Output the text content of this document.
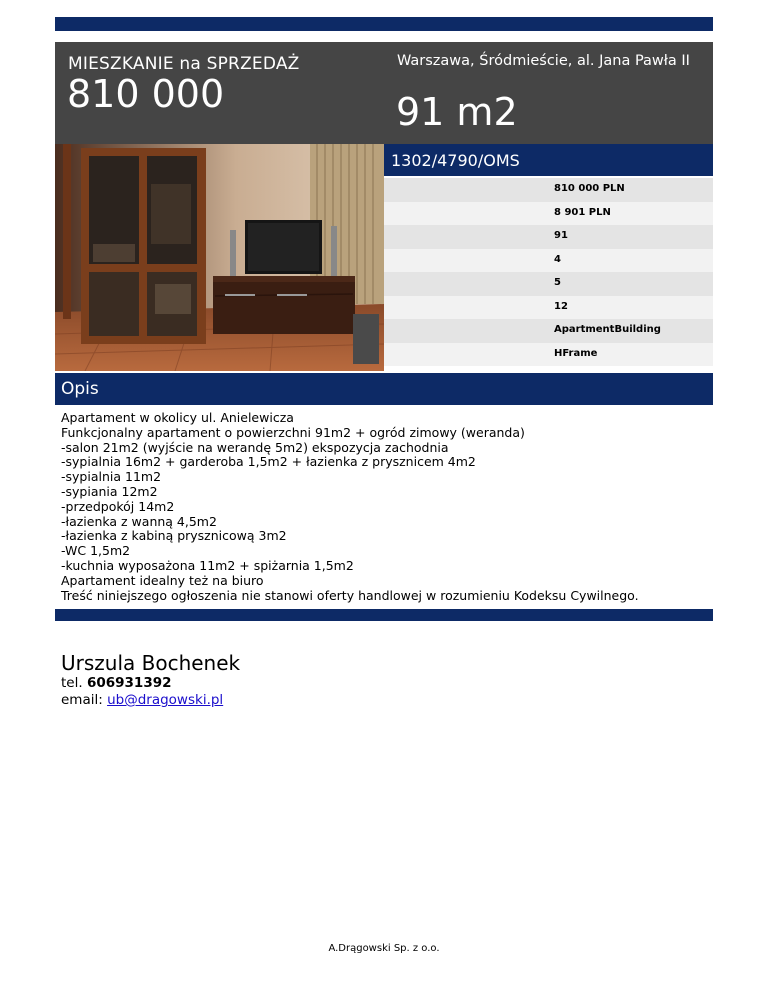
MIESZKANIE na SPRZEDAŻ
810 000
Warszawa, Śródmieście, al. Jana Pawła II
91 m2
1302/4790/OMS
810 000 PLN
8 901 PLN
91
4
5
12
ApartmentBuilding
HFrame
Opis
Apartament w okolicy ul. Anielewicza
Funkcjonalny apartament o powierzchni 91m2 + ogród zimowy (weranda)
-salon 21m2 (wyjście na werandę 5m2) ekspozycja zachodnia
-sypialnia 16m2 + garderoba 1,5m2 + łazienka z prysznicem 4m2
-sypialnia 11m2
-sypiania 12m2
-przedpokój 14m2
-łazienka z wanną 4,5m2
-łazienka z kabiną prysznicową 3m2
-WC 1,5m2
-kuchnia wyposażona 11m2 + spiżarnia 1,5m2
Apartament idealny też na biuro
Treść niniejszego ogłoszenia nie stanowi oferty handlowej w rozumieniu Kodeksu Cywilnego.
Urszula Bochenek
tel. 606931392
email: ub@dragowski.pl
A.Drągowski Sp. z o.o.
